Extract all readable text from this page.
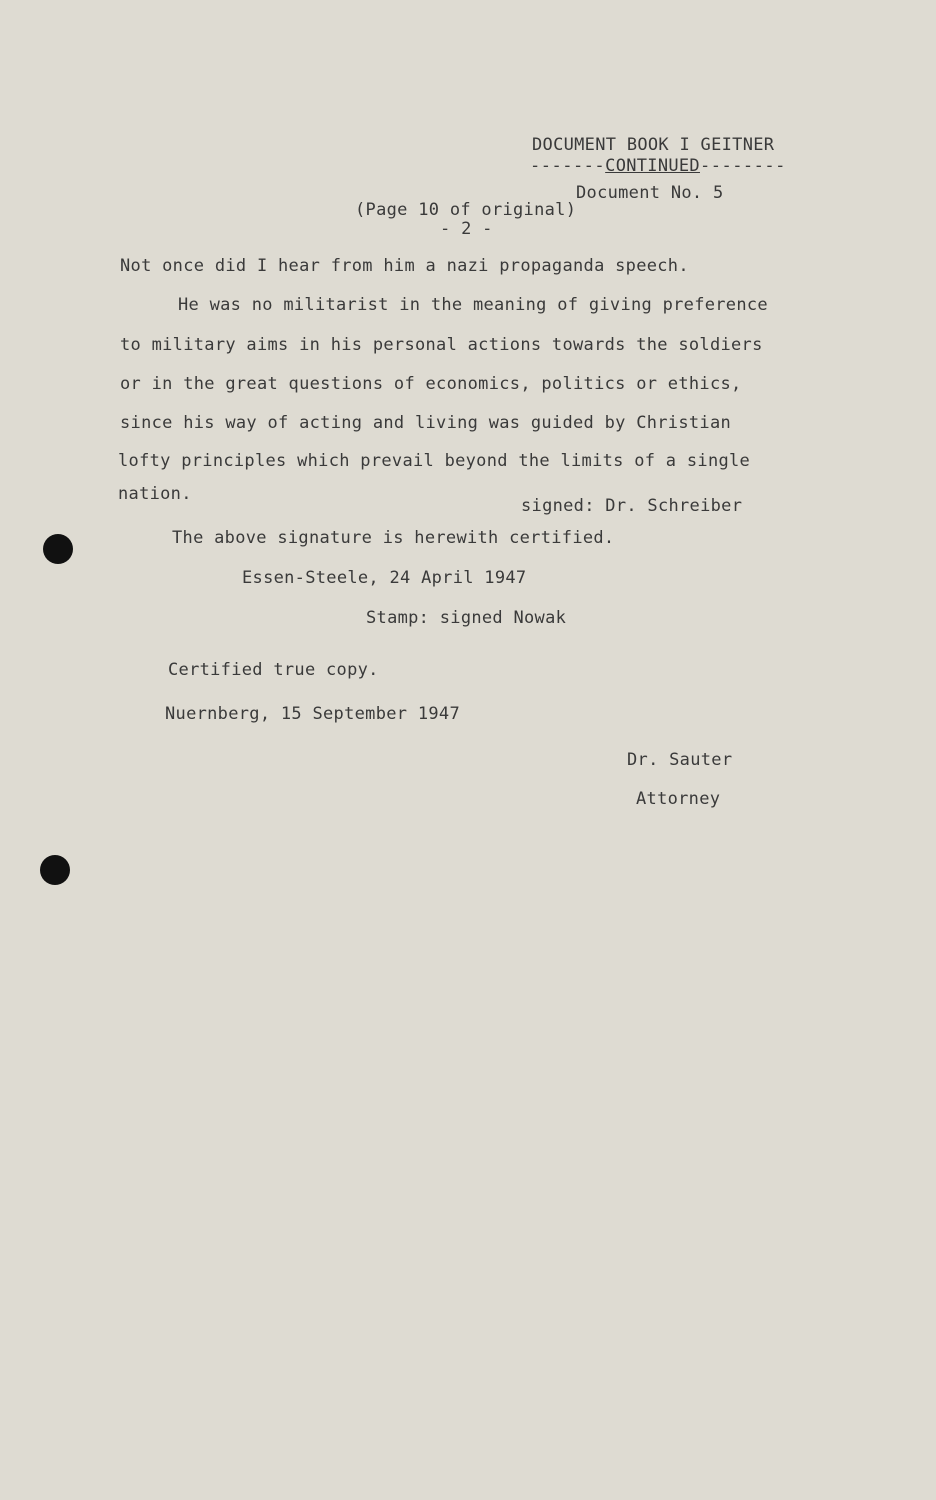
DOCUMENT BOOK I GEITNER
-------CONTINUED--------
Document No. 5
(Page 10 of original)
- 2 -
Not once did I hear from him a nazi propaganda speech.
He was no militarist in the meaning of giving preference
to military aims in his personal actions towards the soldiers
or in the great questions of economics, politics or ethics,
since his way of acting and living was guided by Christian
lofty principles which prevail beyond the limits of a single
nation.
signed: Dr. Schreiber
The above signature is herewith certified.
Essen-Steele, 24 April 1947
Stamp: signed Nowak
Certified true copy.
Nuernberg, 15 September 1947
Dr. Sauter
Attorney
